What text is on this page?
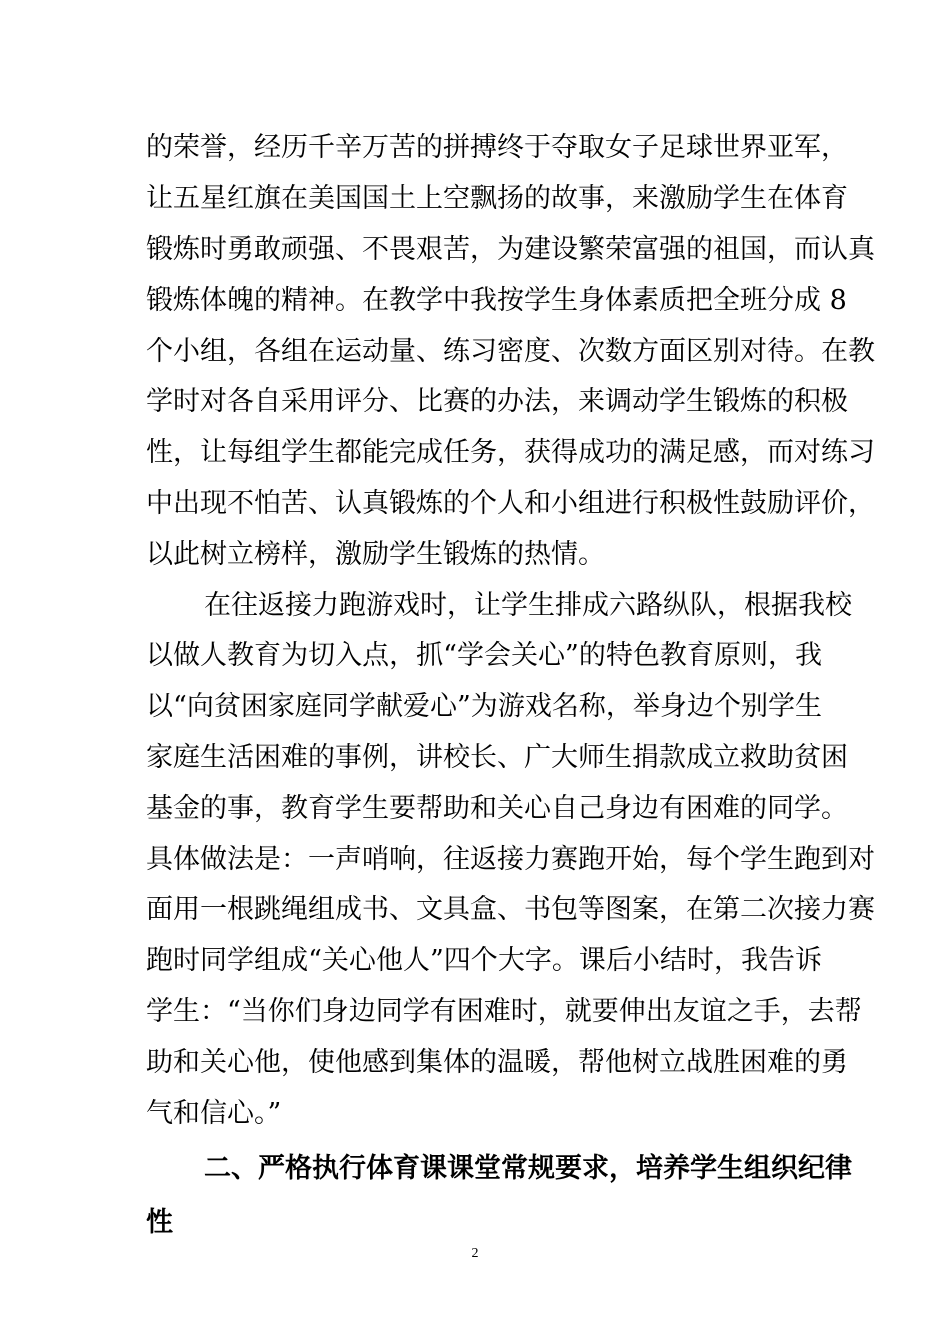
的荣誉，经历千辛万苦的拼搏终于夺取女子足球世界亚军，
让五星红旗在美国国土上空飘扬的故事，来激励学生在体育
锻炼时勇敢顽强、不畏艰苦，为建设繁荣富强的祖国，而认真
锻炼体魄的精神。在教学中我按学生身体素质把全班分成 8
个小组，各组在运动量、练习密度、次数方面区别对待。在教
学时对各自采用评分、比赛的办法，来调动学生锻炼的积极
性，让每组学生都能完成任务，获得成功的满足感，而对练习
中出现不怕苦、认真锻炼的个人和小组进行积极性鼓励评价，
以此树立榜样，激励学生锻炼的热情。
在往返接力跑游戏时，让学生排成六路纵队，根据我校
以做人教育为切入点，抓“学会关心”的特色教育原则，我
以“向贫困家庭同学献爱心”为游戏名称，举身边个别学生
家庭生活困难的事例，讲校长、广大师生捐款成立救助贫困
基金的事，教育学生要帮助和关心自己身边有困难的同学。
具体做法是：一声哨响，往返接力赛跑开始，每个学生跑到对
面用一根跳绳组成书、文具盒、书包等图案，在第二次接力赛
跑时同学组成“关心他人”四个大字。课后小结时，我告诉
学生：“当你们身边同学有困难时，就要伸出友谊之手，去帮
助和关心他，使他感到集体的温暖，帮他树立战胜困难的勇
气和信心。”
二、严格执行体育课课堂常规要求，培养学生组织纪律
性
2
